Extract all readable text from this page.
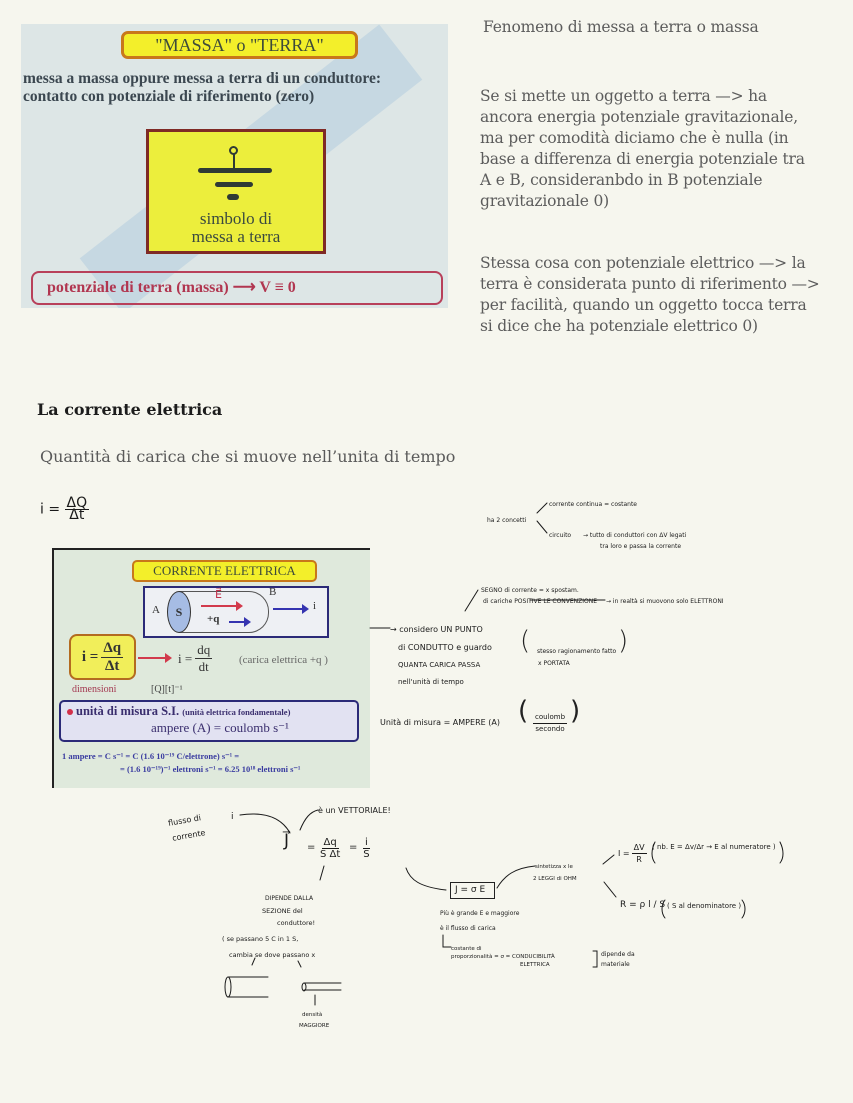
"MASSA" o "TERRA"
messa a massa oppure messa a terra di un conduttore:
contatto con potenziale di riferimento (zero)
simbolo di
messa a terra
potenziale di terra (massa) ⟶ V ≡ 0
Fenomeno di messa a terra o massa
Se si mette un oggetto a terra —> ha ancora energia potenziale gravitazionale, ma per comodità diciamo che è nulla (in base a differenza di energia potenziale tra A e B, consideranbdo in B potenziale gravitazionale 0)
Stessa cosa con potenziale elettrico —> la terra è considerata punto di riferimento —> per facilità, quando un oggetto tocca terra si dice che ha potenziale elettrico 0)
La corrente elettrica
Quantità di carica che si muove nell’unita di tempo
$i = \frac{\Delta Q}{\Delta t}$
CORRENTE ELETTRICA
A	S
E⃗
+q
B
i
$i = \frac{\Delta q}{\Delta t}$	$i = \frac{dq}{dt}$ (carica elettrica +q )
dimensioni	[Q][t]⁻¹
unità di misura S.I. (unità elettrica fondamentale)
ampere (A) = coulomb s⁻¹
1 ampere = C s⁻¹ = C (1.6 10⁻¹⁹ C/elettrone) s⁻¹ =
= (1.6 10⁻¹⁹)⁻¹ elettroni s⁻¹ = 6.25 10¹⁸ elettroni s⁻¹
ha 2 concetti
corrente continua = costante
circuito → tutto di conduttori con ΔV legati
tra loro e passa la corrente
SEGNO di corrente = x spostam.
di cariche POSITIVE LE CONVENZIONE → in realtà si muovono solo ELETTRONI
→ considero UN PUNTO
di CONDUTTO e guardo
QUANTA CARICA PASSA
nell'unità di tempo
( stesso ragionamento fatto
x PORTATA
)
Unità di misura = AMPERE (A) ( $\frac{\text{coulomb}}{\text{secondo}}$ )
flusso di
corrente
i
è un VETTORIALE!
J⃗ = $\frac{\Delta q}{\text{S Δt}} = \frac{i}{S}$
DIPENDE DALLA
SEZIONE del
conduttore!
( se passano 5 C in 1 S,
cambia se dove passano x
densità
MAGGIORE
J = σ E
sintetizza x le
2 LEGGI di OHM
$I = \frac{\Delta V}{R}$ ( nb. E = Δv/Δr → E al numeratore )
R = ρ l / S ( S al denominatore )
Più è grande E e maggiore
è il flusso di carica
costante di
proporzionalità = σ = CONDUCIBILITÀ
ELETTRICA
dipende da
materiale
